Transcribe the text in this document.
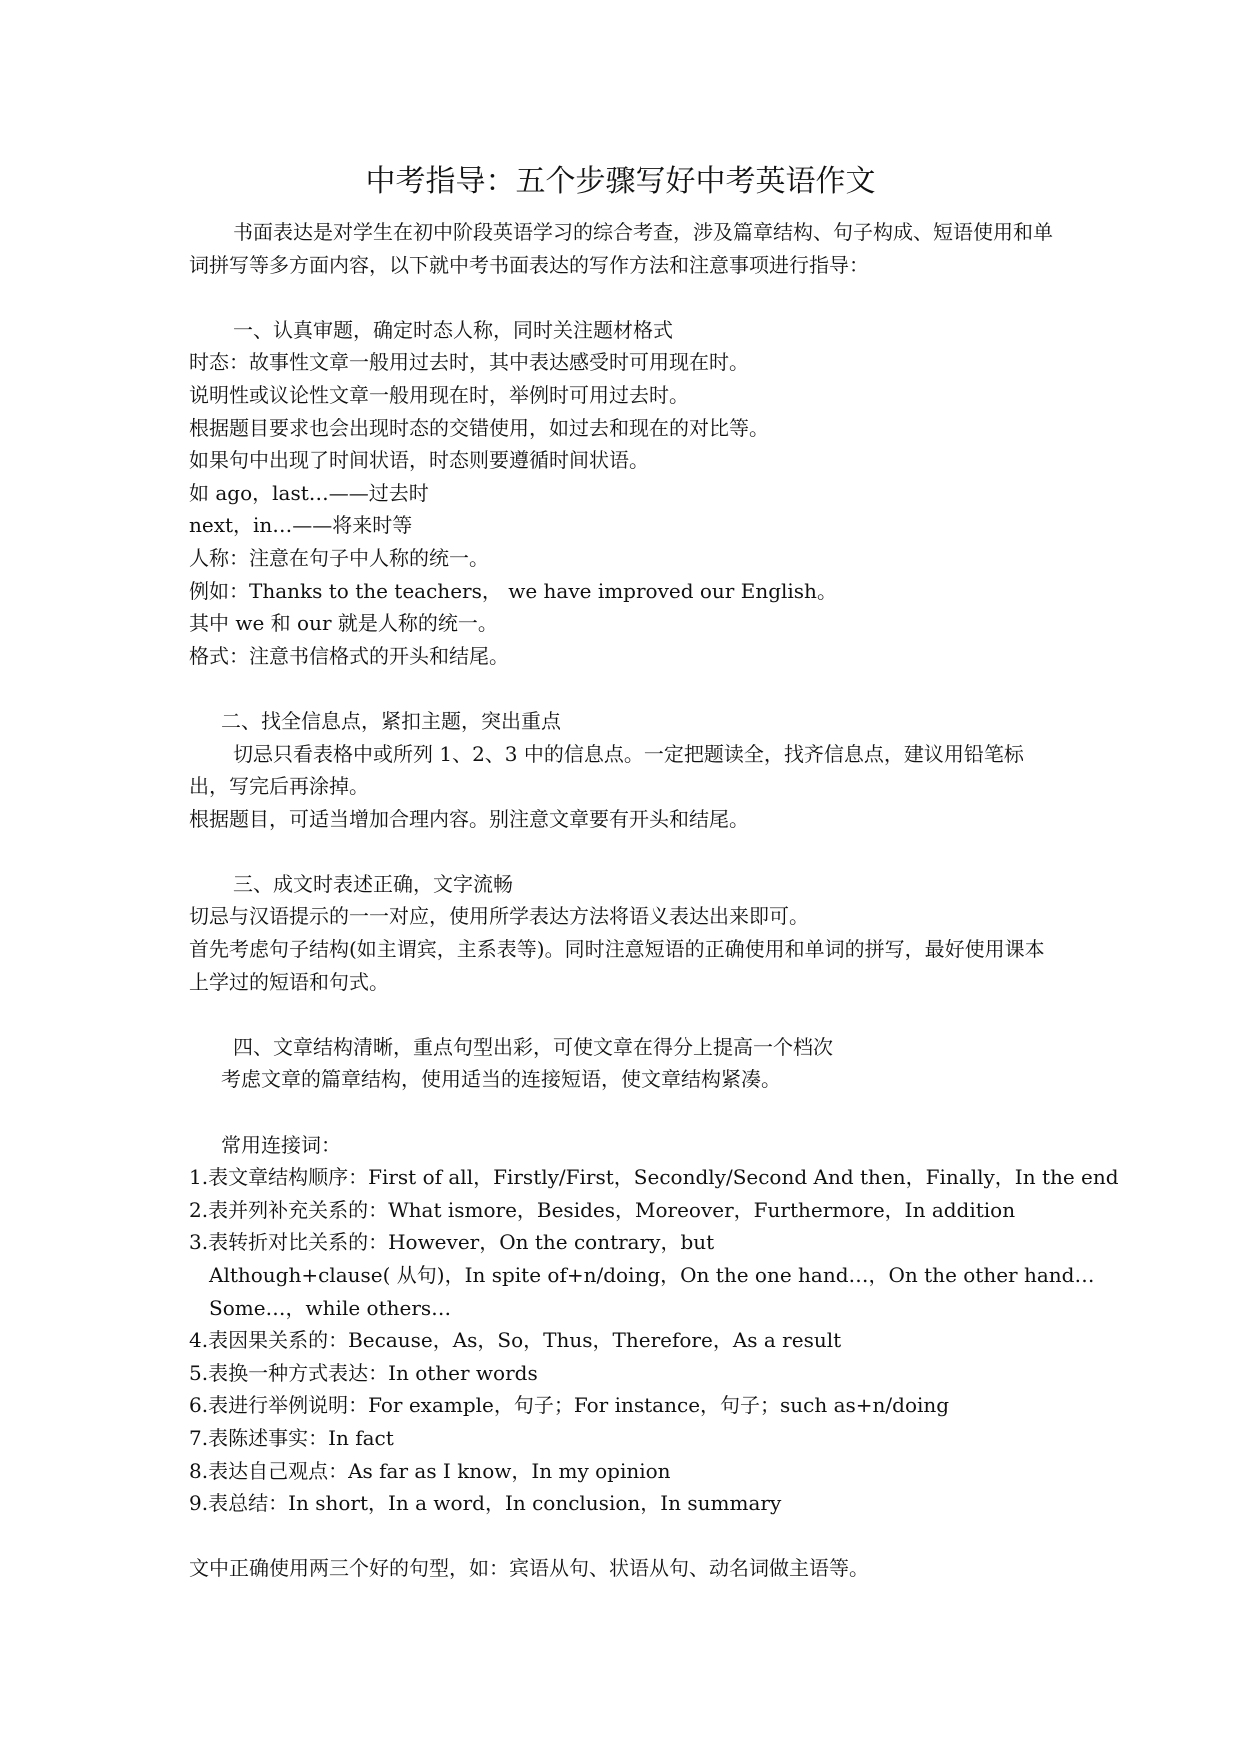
中考指导：五个步骤写好中考英语作文
书面表达是对学生在初中阶段英语学习的综合考查，涉及篇章结构、句子构成、短语使用和单词拼写等多方面内容，以下就中考书面表达的写作方法和注意事项进行指导：
一、认真审题，确定时态人称，同时关注题材格式
时态：故事性文章一般用过去时，其中表达感受时可用现在时。
说明性或议论性文章一般用现在时，举例时可用过去时。
根据题目要求也会出现时态的交错使用，如过去和现在的对比等。
如果句中出现了时间状语，时态则要遵循时间状语。
如 ago，last…——过去时
next，in…——将来时等
人称：注意在句子中人称的统一。
例如：Thanks to the teachers， we have improved our English。
其中 we 和 our 就是人称的统一。
格式：注意书信格式的开头和结尾。
二、找全信息点，紧扣主题，突出重点
切忌只看表格中或所列 1、2、3 中的信息点。一定把题读全，找齐信息点，建议用铅笔标出，写完后再涂掉。
根据题目，可适当增加合理内容。别注意文章要有开头和结尾。
三、成文时表述正确，文字流畅
切忌与汉语提示的一一对应，使用所学表达方法将语义表达出来即可。
首先考虑句子结构(如主谓宾，主系表等)。同时注意短语的正确使用和单词的拼写，最好使用课本上学过的短语和句式。
四、文章结构清晰，重点句型出彩，可使文章在得分上提高一个档次
考虑文章的篇章结构，使用适当的连接短语，使文章结构紧凑。
常用连接词：
1.表文章结构顺序：First of all，Firstly/First，Secondly/Second And then，Finally，In the end
2.表并列补充关系的：What ismore，Besides，Moreover，Furthermore，In addition
3.表转折对比关系的：However，On the contrary，but
Although+clause( 从句)，In spite of+n/doing，On the one hand…，On the other hand…
Some…，while others…
4.表因果关系的：Because，As，So，Thus，Therefore，As a result
5.表换一种方式表达：In other words
6.表进行举例说明：For example，句子；For instance，句子；such as+n/doing
7.表陈述事实：In fact
8.表达自己观点：As far as I know，In my opinion
9.表总结：In short，In a word，In conclusion，In summary
文中正确使用两三个好的句型，如：宾语从句、状语从句、动名词做主语等。
